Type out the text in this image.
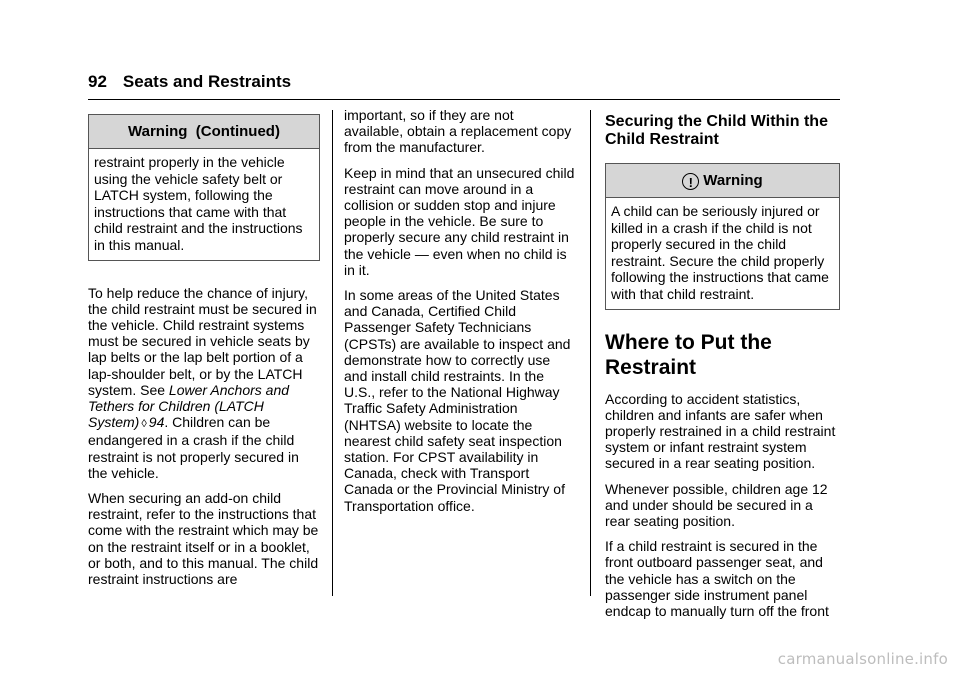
92 Seats and Restraints
Warning  (Continued)

restraint properly in the vehicle using the vehicle safety belt or LATCH system, following the instructions that came with that child restraint and the instructions in this manual.

To help reduce the chance of injury, the child restraint must be secured in the vehicle. Child restraint systems must be secured in vehicle seats by lap belts or the lap belt portion of a lap-shoulder belt, or by the LATCH system. See Lower Anchors and Tethers for Children (LATCH System) ◊ 94. Children can be endangered in a crash if the child restraint is not properly secured in the vehicle.

When securing an add-on child restraint, refer to the instructions that come with the restraint which may be on the restraint itself or in a booklet, or both, and to this manual. The child restraint instructions are

important, so if they are not available, obtain a replacement copy from the manufacturer.

Keep in mind that an unsecured child restraint can move around in a collision or sudden stop and injure people in the vehicle. Be sure to properly secure any child restraint in the vehicle — even when no child is in it.

In some areas of the United States and Canada, Certified Child Passenger Safety Technicians (CPSTs) are available to inspect and demonstrate how to correctly use and install child restraints. In the U.S., refer to the National Highway Traffic Safety Administration (NHTSA) website to locate the nearest child safety seat inspection station. For CPST availability in Canada, check with Transport Canada or the Provincial Ministry of Transportation office.

Securing the Child Within the Child Restraint
! Warning

A child can be seriously injured or killed in a crash if the child is not properly secured in the child restraint. Secure the child properly following the instructions that came with that child restraint.

Where to Put the Restraint

According to accident statistics, children and infants are safer when properly restrained in a child restraint system or infant restraint system secured in a rear seating position.

Whenever possible, children age 12 and under should be secured in a rear seating position.

If a child restraint is secured in the front outboard passenger seat, and the vehicle has a switch on the passenger side instrument panel endcap to manually turn off the front

carmanualsonline.info
